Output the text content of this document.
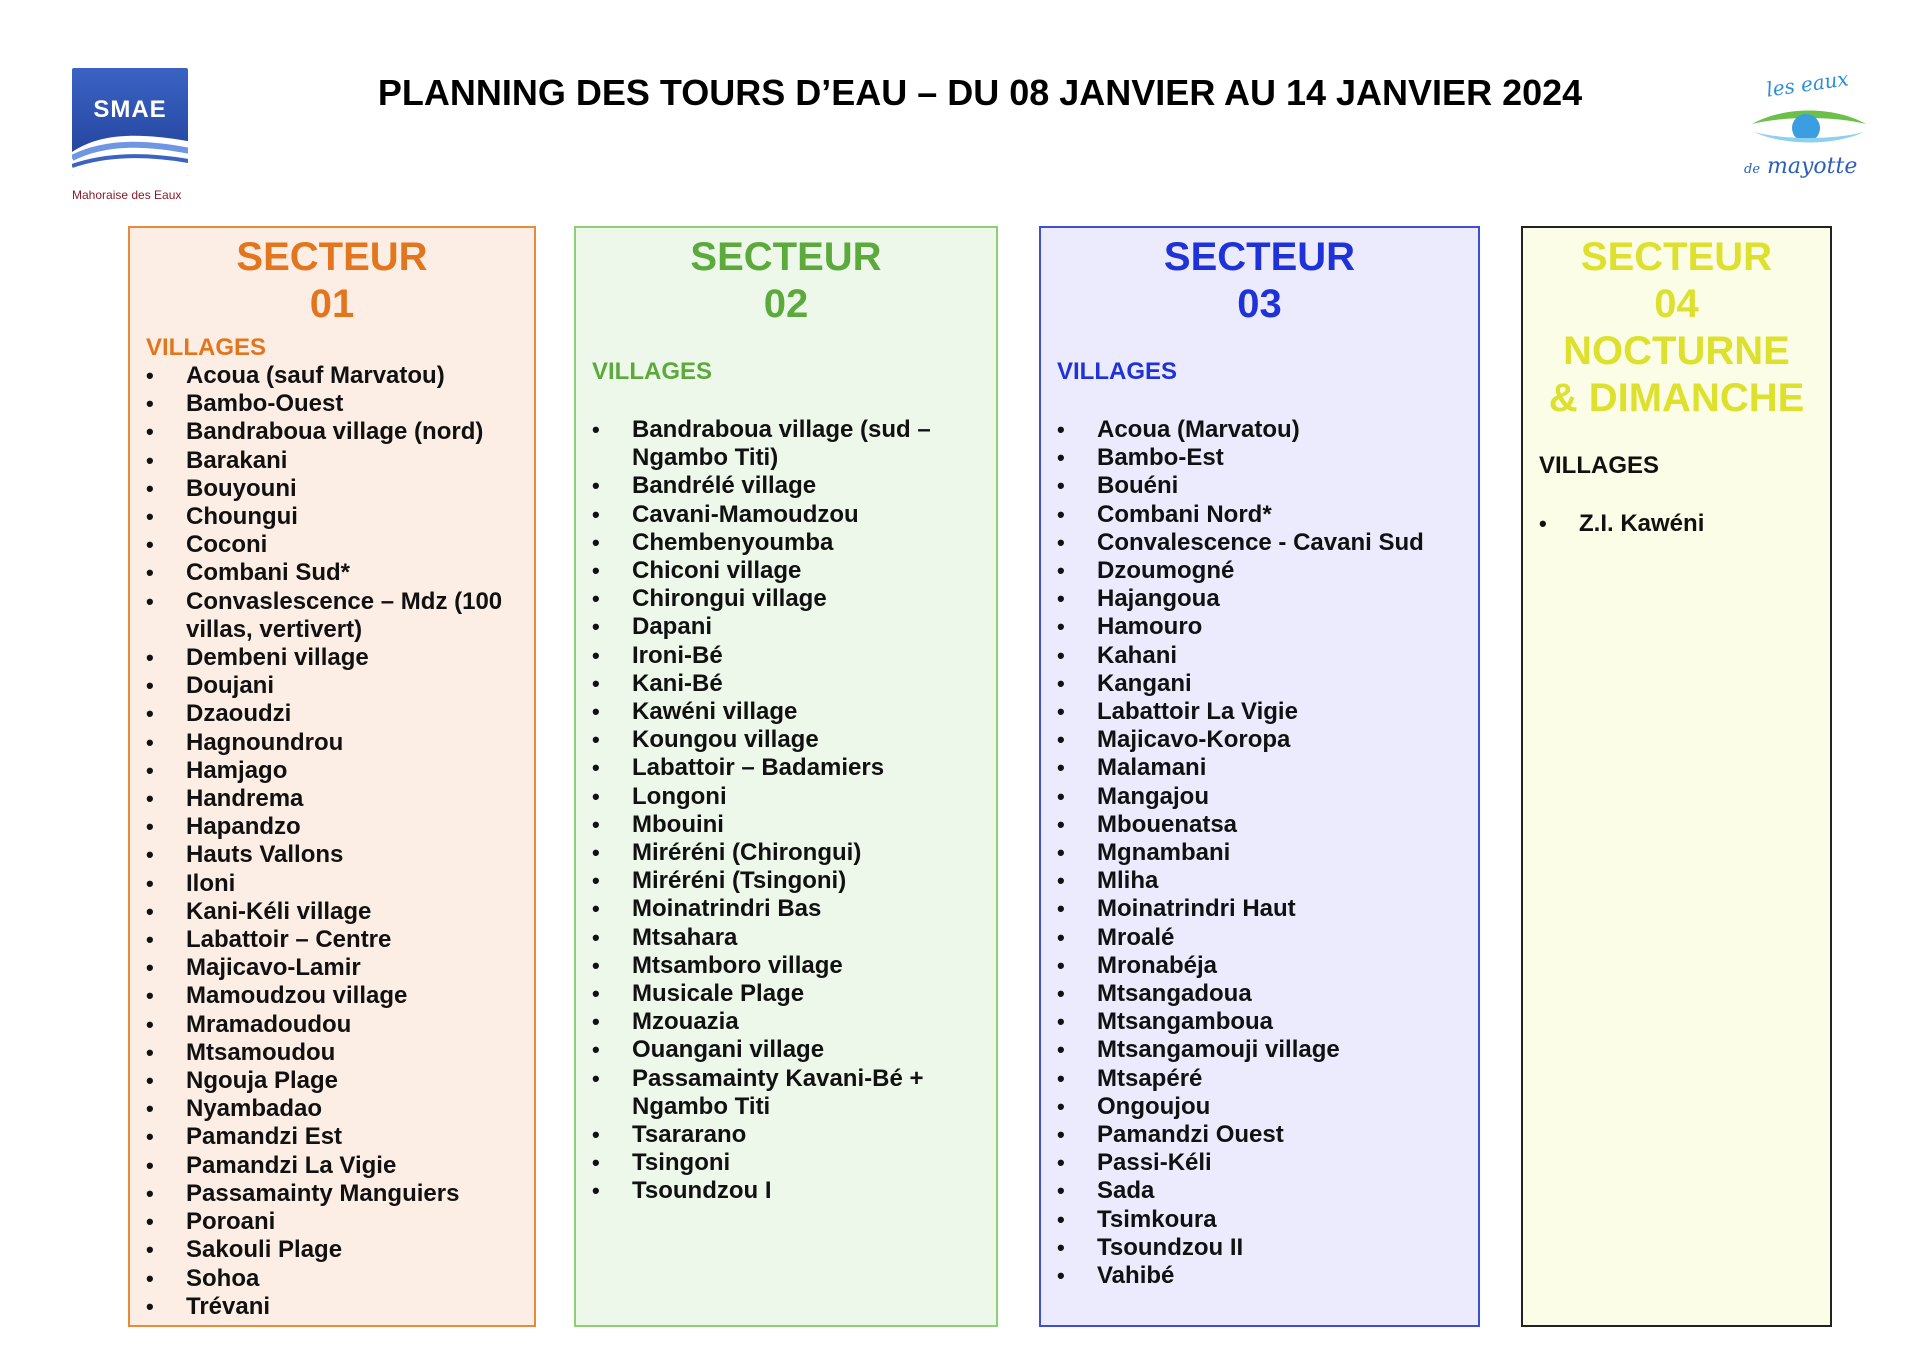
PLANNING DES TOURS D’EAU – DU 08 JANVIER AU 14 JANVIER 2024
SMAE
Mahoraise des Eaux
les eaux
de mayotte
SECTEUR
01
VILLAGES
• Acoua (sauf Marvatou)
• Bambo-Ouest
• Bandraboua village (nord)
• Barakani
• Bouyouni
• Choungui
• Coconi
• Combani Sud*
• Convaslescence – Mdz (100 villas, vertivert)
• Dembeni village
• Doujani
• Dzaoudzi
• Hagnoundrou
• Hamjago
• Handrema
• Hapandzo
• Hauts Vallons
• Iloni
• Kani-Kéli village
• Labattoir – Centre
• Majicavo-Lamir
• Mamoudzou village
• Mramadoudou
• Mtsamoudou
• Ngouja Plage
• Nyambadao
• Pamandzi Est
• Pamandzi La Vigie
• Passamainty Manguiers
• Poroani
• Sakouli Plage
• Sohoa
• Trévani
SECTEUR
02
VILLAGES
• Bandraboua village (sud – Ngambo Titi)
• Bandrélé village
• Cavani-Mamoudzou
• Chembenyoumba
• Chiconi village
• Chirongui village
• Dapani
• Ironi-Bé
• Kani-Bé
• Kawéni village
• Koungou village
• Labattoir – Badamiers
• Longoni
• Mbouini
• Miréréni (Chirongui)
• Miréréni (Tsingoni)
• Moinatrindri Bas
• Mtsahara
• Mtsamboro village
• Musicale Plage
• Mzouazia
• Ouangani village
• Passamainty Kavani-Bé + Ngambo Titi
• Tsararano
• Tsingoni
• Tsoundzou I
SECTEUR
03
VILLAGES
• Acoua (Marvatou)
• Bambo-Est
• Bouéni
• Combani Nord*
• Convalescence - Cavani Sud
• Dzoumogné
• Hajangoua
• Hamouro
• Kahani
• Kangani
• Labattoir La Vigie
• Majicavo-Koropa
• Malamani
• Mangajou
• Mbouenatsa
• Mgnambani
• Mliha
• Moinatrindri Haut
• Mroalé
• Mronabéja
• Mtsangadoua
• Mtsangamboua
• Mtsangamouji village
• Mtsapéré
• Ongoujou
• Pamandzi Ouest
• Passi-Kéli
• Sada
• Tsimkoura
• Tsoundzou II
• Vahibé
SECTEUR
04
NOCTURNE
& DIMANCHE
VILLAGES
• Z.I. Kawéni
